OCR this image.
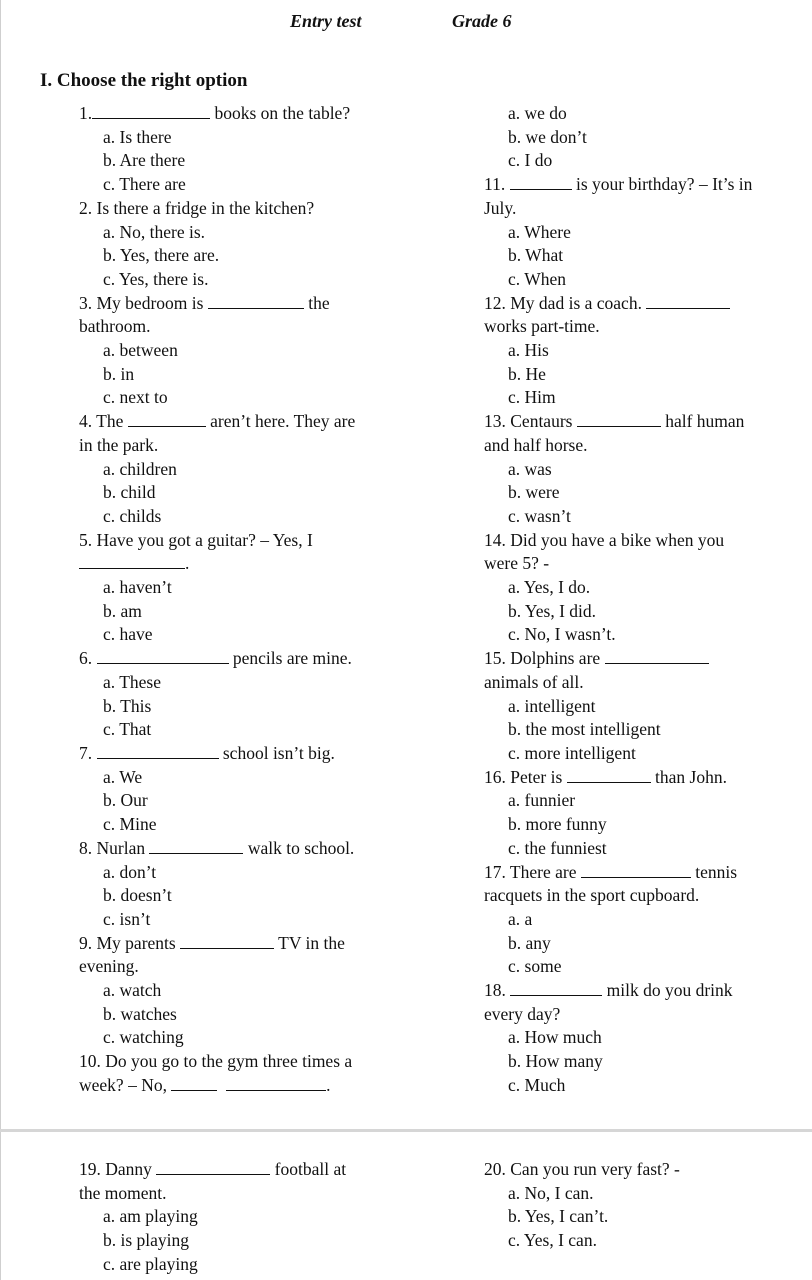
Entry test	Grade 6
I. Choose the right option
1.	books on the table?
a. Is there
b. Are there
c. There are
2. Is there a fridge in the kitchen?
a. No, there is.
b. Yes, there are.
c. Yes, there is.
3. My bedroom is	the
bathroom.
a. between
b. in
c. next to
4. The	aren’t here. They are
in the park.
a. children
b. child
c. childs
5. Have you got a guitar? – Yes, I
.
a. haven’t
b. am
c. have
6.	pencils are mine.
a. These
b. This
c. That
7.	school isn’t big.
a. We
b. Our
c. Mine
8. Nurlan	walk to school.
a. don’t
b. doesn’t
c. isn’t
9. My parents	TV in the
evening.
a. watch
b. watches
c. watching
10. Do you go to the gym three times a
week? – No,	.
a. we do
b. we don’t
c. I do
11.	is your birthday? – It’s in
July.
a. Where
b. What
c. When
12. My dad is a coach.
works part-time.
a. His
b. He
c. Him
13. Centaurs	half human
and half horse.
a. was
b. were
c. wasn’t
14. Did you have a bike when you
were 5? -
a. Yes, I do.
b. Yes, I did.
c. No, I wasn’t.
15. Dolphins are
animals of all.
a. intelligent
b. the most intelligent
c. more intelligent
16. Peter is	than John.
a. funnier
b. more funny
c. the funniest
17. There are	tennis
racquets in the sport cupboard.
a. a
b. any
c. some
18.	milk do you drink
every day?
a. How much
b. How many
c. Much
19. Danny	football at
the moment.
a. am playing
b. is playing
c. are playing
20. Can you run very fast? -
a. No, I can.
b. Yes, I can’t.
c. Yes, I can.
